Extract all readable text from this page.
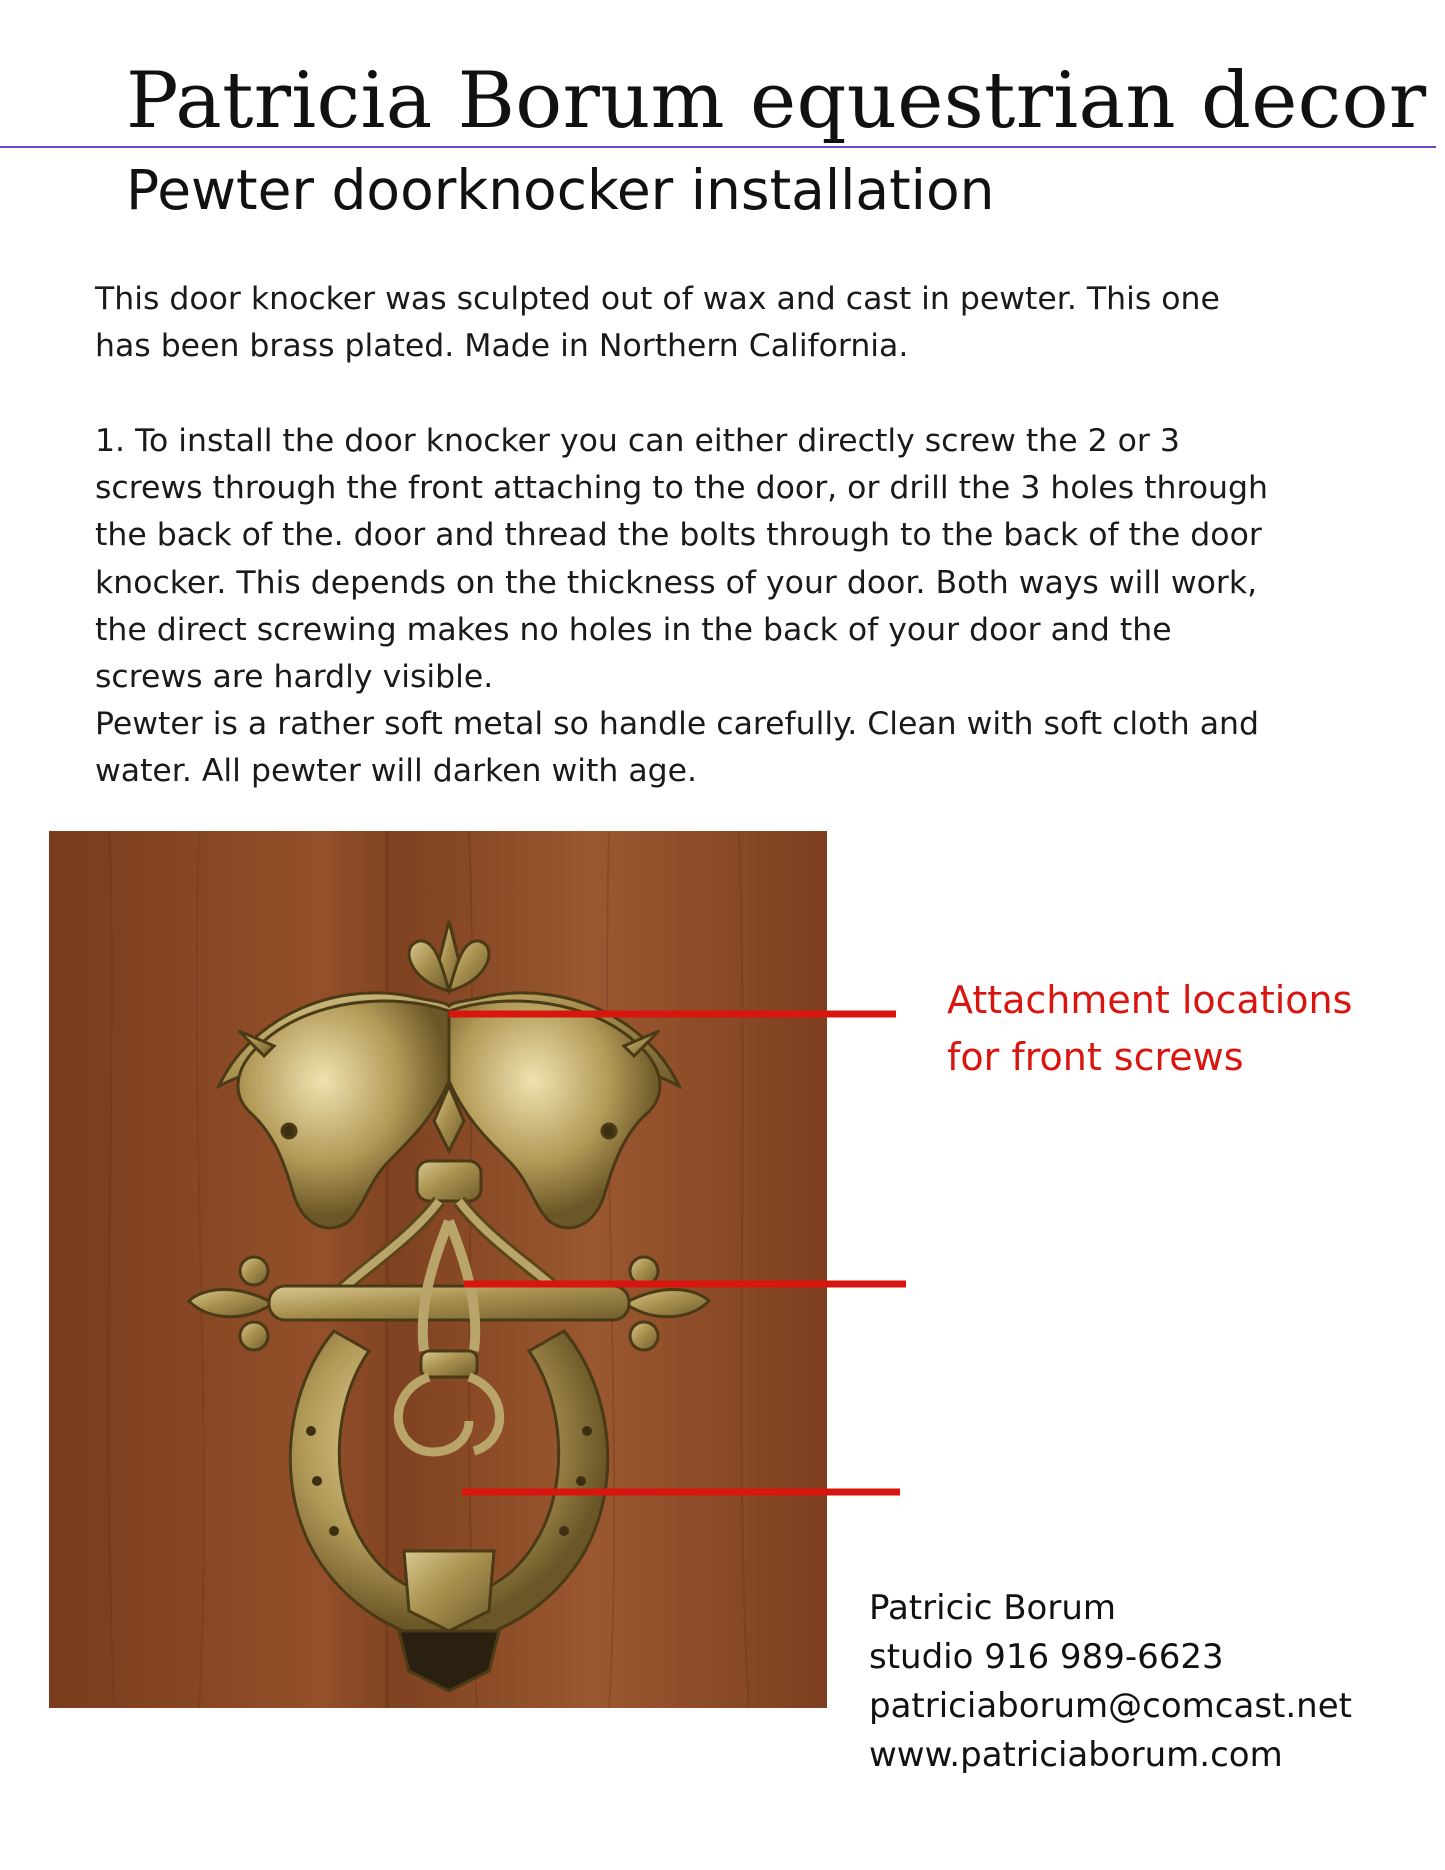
Patricia Borum equestrian decor
Pewter doorknocker installation

This door knocker was sculpted out of wax and cast in pewter. This one
has been brass plated. Made in Northern California.

1. To install the door knocker you can either directly screw the 2 or 3
screws through the front attaching to the door, or drill the 3 holes through
the back of the. door and thread the bolts through to the back of the door
knocker. This depends on the thickness of your door. Both ways will work,
the direct screwing makes no holes in the back of your door and the
screws are hardly visible.
Pewter is a rather soft metal so handle carefully. Clean with soft cloth and
water. All pewter will darken with age.

Attachment locations for front screws

Patricic Borum
studio 916 989-6623
patriciaborum@comcast.net
www.patriciaborum.com
